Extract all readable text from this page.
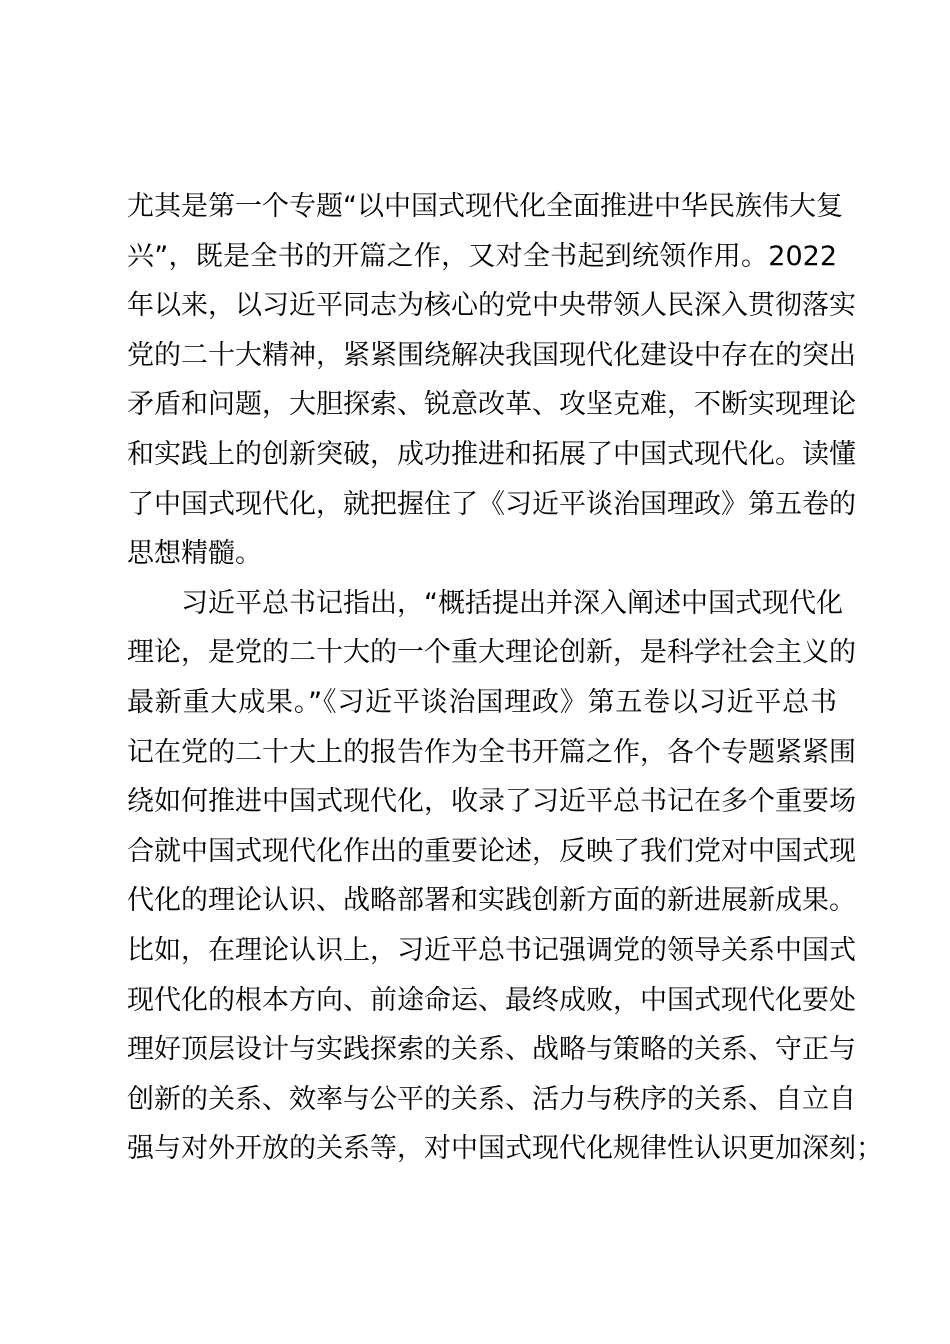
尤其是第一个专题“以中国式现代化全面推进中华民族伟大复
兴”，既是全书的开篇之作，又对全书起到统领作用。2022
年以来，以习近平同志为核心的党中央带领人民深入贯彻落实
党的二十大精神，紧紧围绕解决我国现代化建设中存在的突出
矛盾和问题，大胆探索、锐意改革、攻坚克难，不断实现理论
和实践上的创新突破，成功推进和拓展了中国式现代化。读懂
了中国式现代化，就把握住了《习近平谈治国理政》第五卷的
思想精髓。
习近平总书记指出，“概括提出并深入阐述中国式现代化
理论，是党的二十大的一个重大理论创新，是科学社会主义的
最新重大成果。”《习近平谈治国理政》第五卷以习近平总书
记在党的二十大上的报告作为全书开篇之作，各个专题紧紧围
绕如何推进中国式现代化，收录了习近平总书记在多个重要场
合就中国式现代化作出的重要论述，反映了我们党对中国式现
代化的理论认识、战略部署和实践创新方面的新进展新成果。
比如，在理论认识上，习近平总书记强调党的领导关系中国式
现代化的根本方向、前途命运、最终成败，中国式现代化要处
理好顶层设计与实践探索的关系、战略与策略的关系、守正与
创新的关系、效率与公平的关系、活力与秩序的关系、自立自
强与对外开放的关系等，对中国式现代化规律性认识更加深刻；
